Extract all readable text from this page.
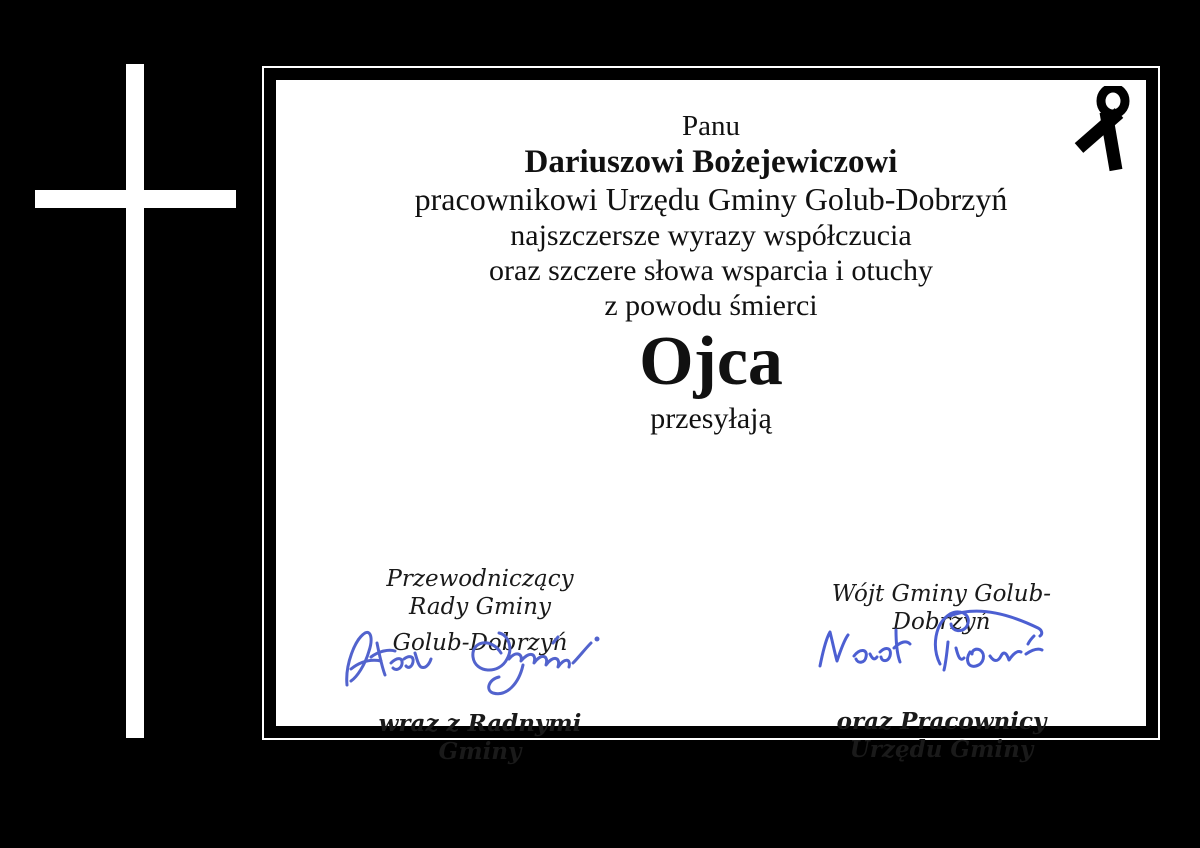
Panu
Dariuszowi Bożejewiczowi
pracownikowi Urzędu Gminy Golub-Dobrzyń
najszczersze wyrazy współczucia
oraz szczere słowa wsparcia i otuchy
z powodu śmierci
Ojca
przesyłają
Przewodniczący Rady Gminy
Golub-Dobrzyń
wraz z Radnymi Gminy
Wójt Gminy Golub-Dobrzyń
oraz Pracownicy Urzędu Gminy
